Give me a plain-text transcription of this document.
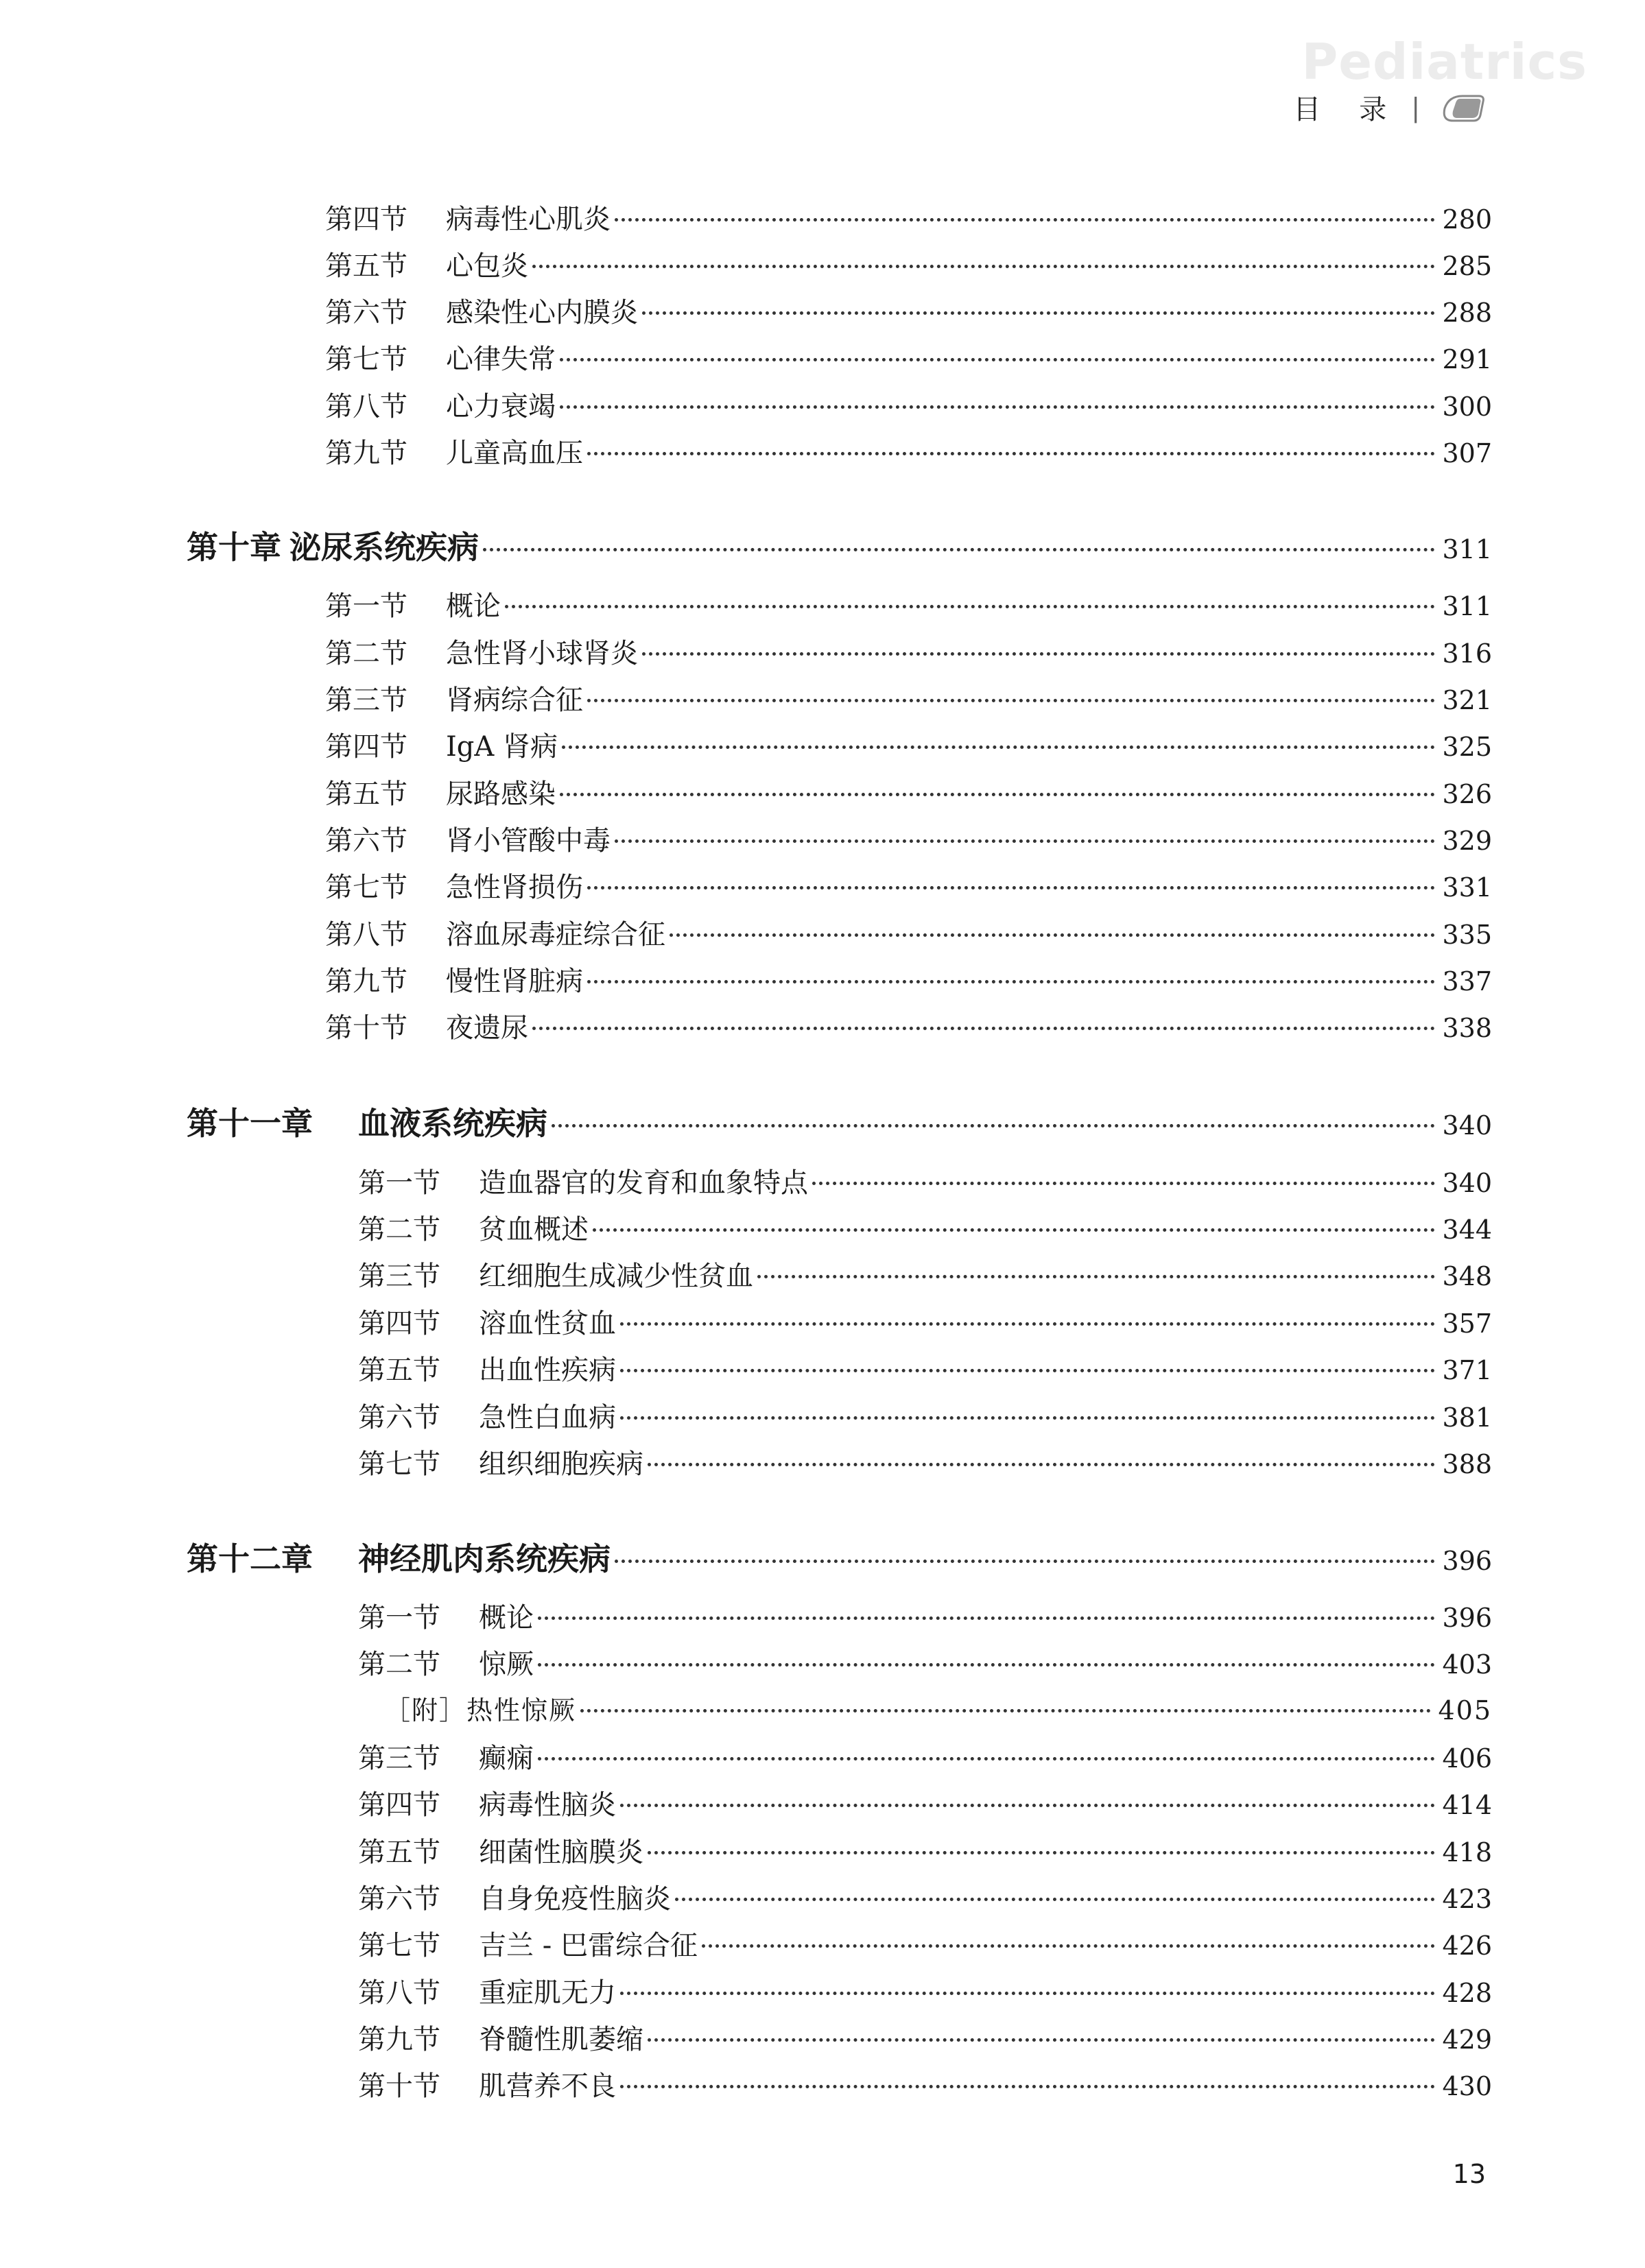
Pediatrics
目 录 |
第四节	病毒性心肌炎	280
第五节	心包炎	285
第六节	感染性心内膜炎	288
第七节	心律失常	291
第八节	心力衰竭	300
第九节	儿童高血压	307
第十章 泌尿系统疾病	311
第一节	概论	311
第二节	急性肾小球肾炎	316
第三节	肾病综合征	321
第四节	IgA 肾病	325
第五节	尿路感染	326
第六节	肾小管酸中毒	329
第七节	急性肾损伤	331
第八节	溶血尿毒症综合征	335
第九节	慢性肾脏病	337
第十节	夜遗尿	338
第十一章	血液系统疾病	340
第一节	造血器官的发育和血象特点	340
第二节	贫血概述	344
第三节	红细胞生成减少性贫血	348
第四节	溶血性贫血	357
第五节	出血性疾病	371
第六节	急性白血病	381
第七节	组织细胞疾病	388
第十二章	神经肌肉系统疾病	396
第一节	概论	396
第二节	惊厥	403
［附］热性惊厥	405
第三节	癫痫	406
第四节	病毒性脑炎	414
第五节	细菌性脑膜炎	418
第六节	自身免疫性脑炎	423
第七节	吉兰 - 巴雷综合征	426
第八节	重症肌无力	428
第九节	脊髓性肌萎缩	429
第十节	肌营养不良	430
13
